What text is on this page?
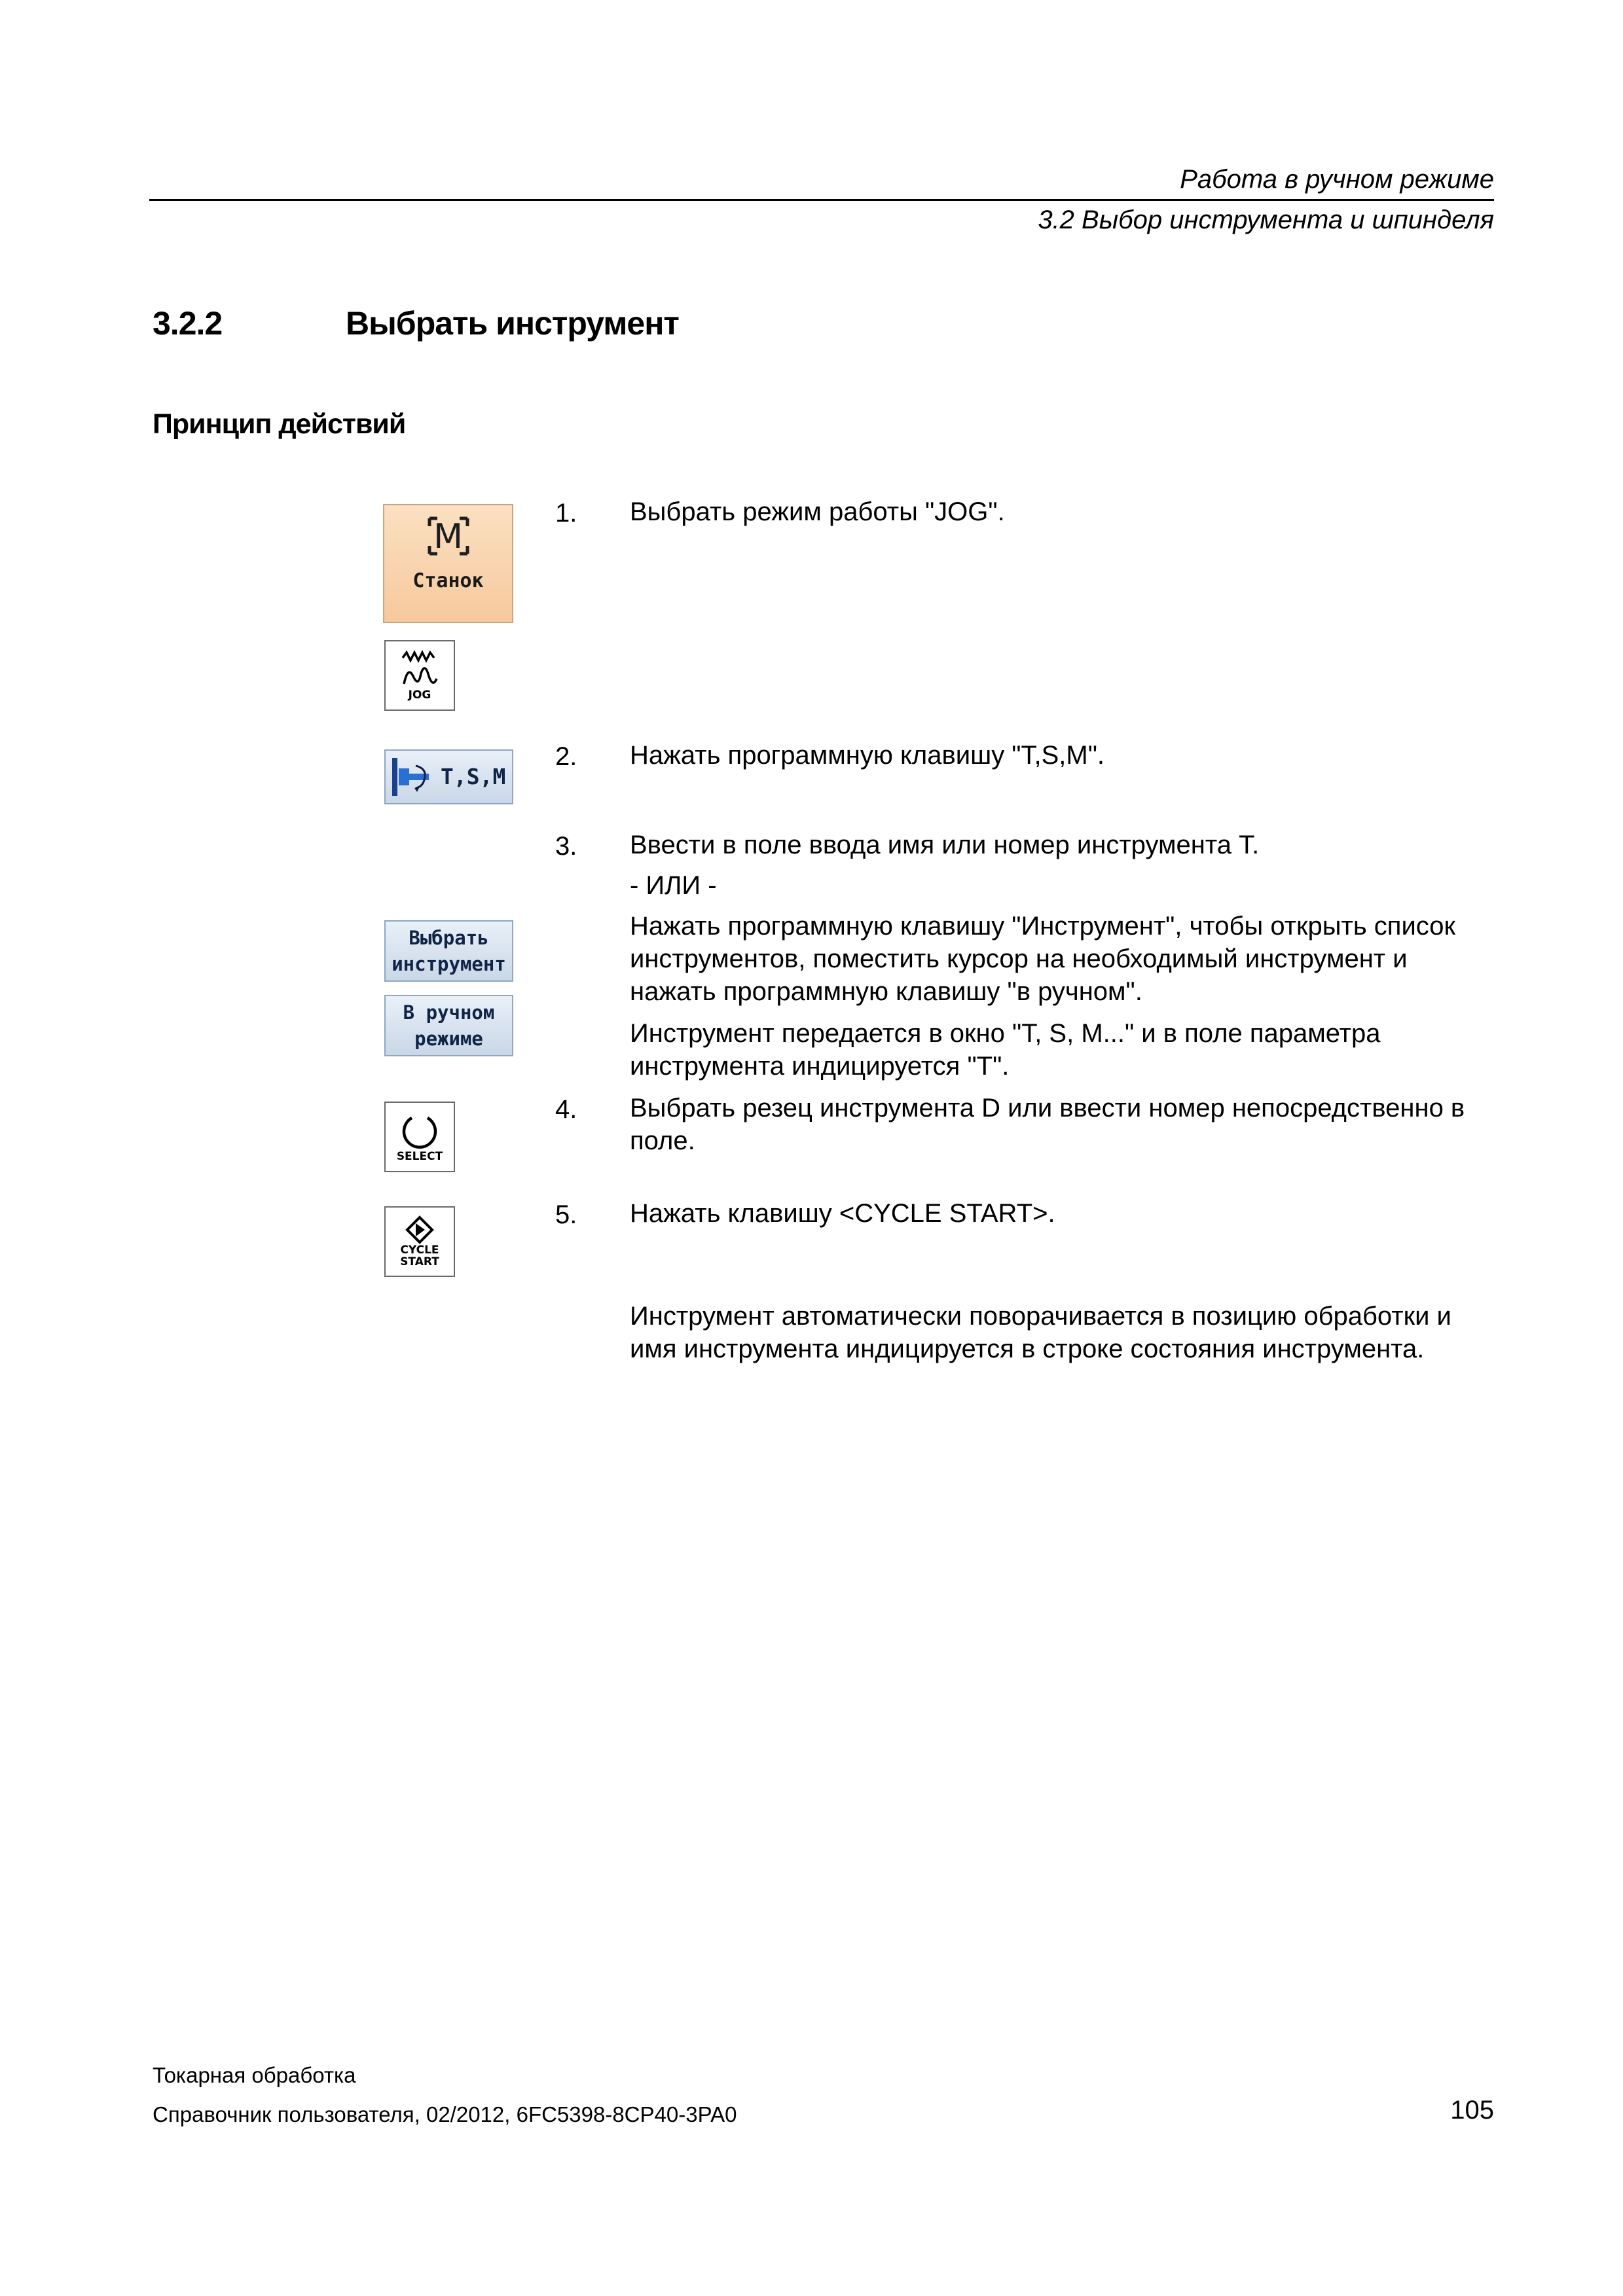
Работа в ручном режиме
3.2 Выбор инструмента и шпинделя
3.2.2	Выбрать инструмент
Принцип действий
M
Станок
JOG
T,S,M
Выбрать
инструмент
В ручном
режиме
SELECT
CYCLE
START
1. Выбрать режим работы "JOG".
2. Нажать программную клавишу "T,S,M".
3. Ввести в поле ввода имя или номер инструмента Т.
- ИЛИ -
Нажать программную клавишу "Инструмент", чтобы открыть список инструментов, поместить курсор на необходимый инструмент и нажать программную клавишу "в ручном".
Инструмент передается в окно "T, S, M..." и в поле параметра инструмента индицируется "T".
4. Выбрать резец инструмента D или ввести номер непосредственно в поле.
5. Нажать клавишу <CYCLE START>.
Инструмент автоматически поворачивается в позицию обработки и имя инструмента индицируется в строке состояния инструмента.
Токарная обработка
Справочник пользователя, 02/2012, 6FC5398-8CP40-3PA0	105
